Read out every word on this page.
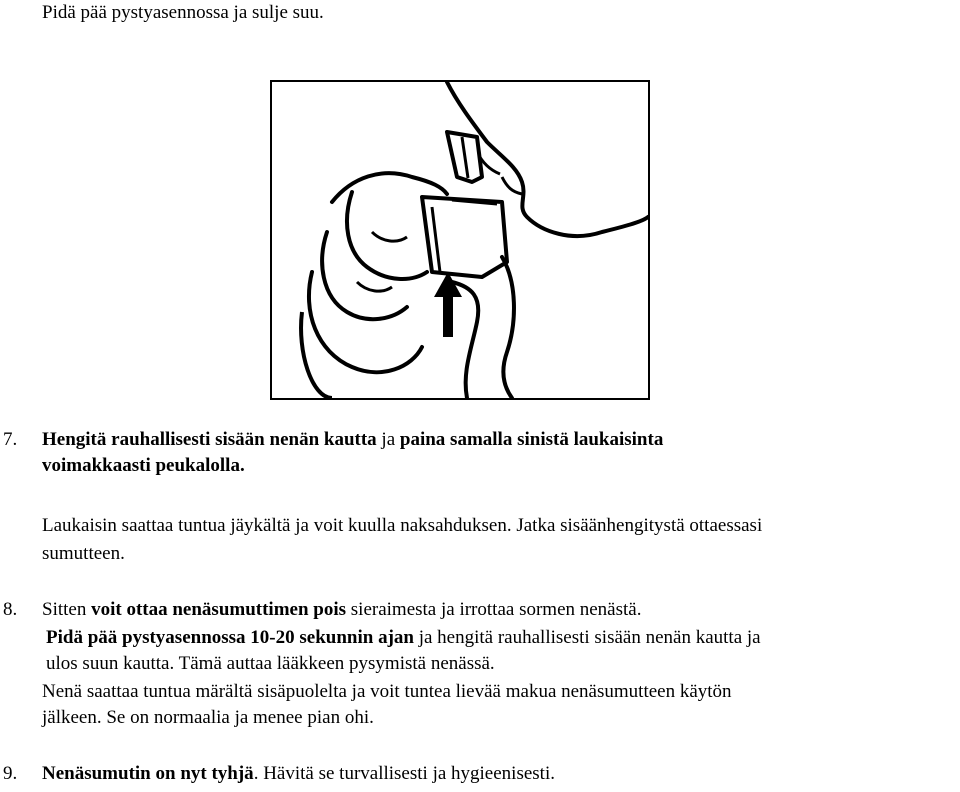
Pidä pää pystyasennossa ja sulje suu.
7. Hengitä rauhallisesti sisään nenän kautta ja paina samalla sinistä laukaisinta
voimakkaasti peukalolla.
Laukaisin saattaa tuntua jäykältä ja voit kuulla naksahduksen. Jatka sisäänhengitystä ottaessasi
sumutteen.
8. Sitten voit ottaa nenäsumuttimen pois sieraimesta ja irrottaa sormen nenästä.
Pidä pää pystyasennossa 10-20 sekunnin ajan ja hengitä rauhallisesti sisään nenän kautta ja
ulos suun kautta. Tämä auttaa lääkkeen pysymistä nenässä.
Nenä saattaa tuntua märältä sisäpuolelta ja voit tuntea lievää makua nenäsumutteen käytön
jälkeen. Se on normaalia ja menee pian ohi.
9. Nenäsumutin on nyt tyhjä. Hävitä se turvallisesti ja hygieenisesti.
